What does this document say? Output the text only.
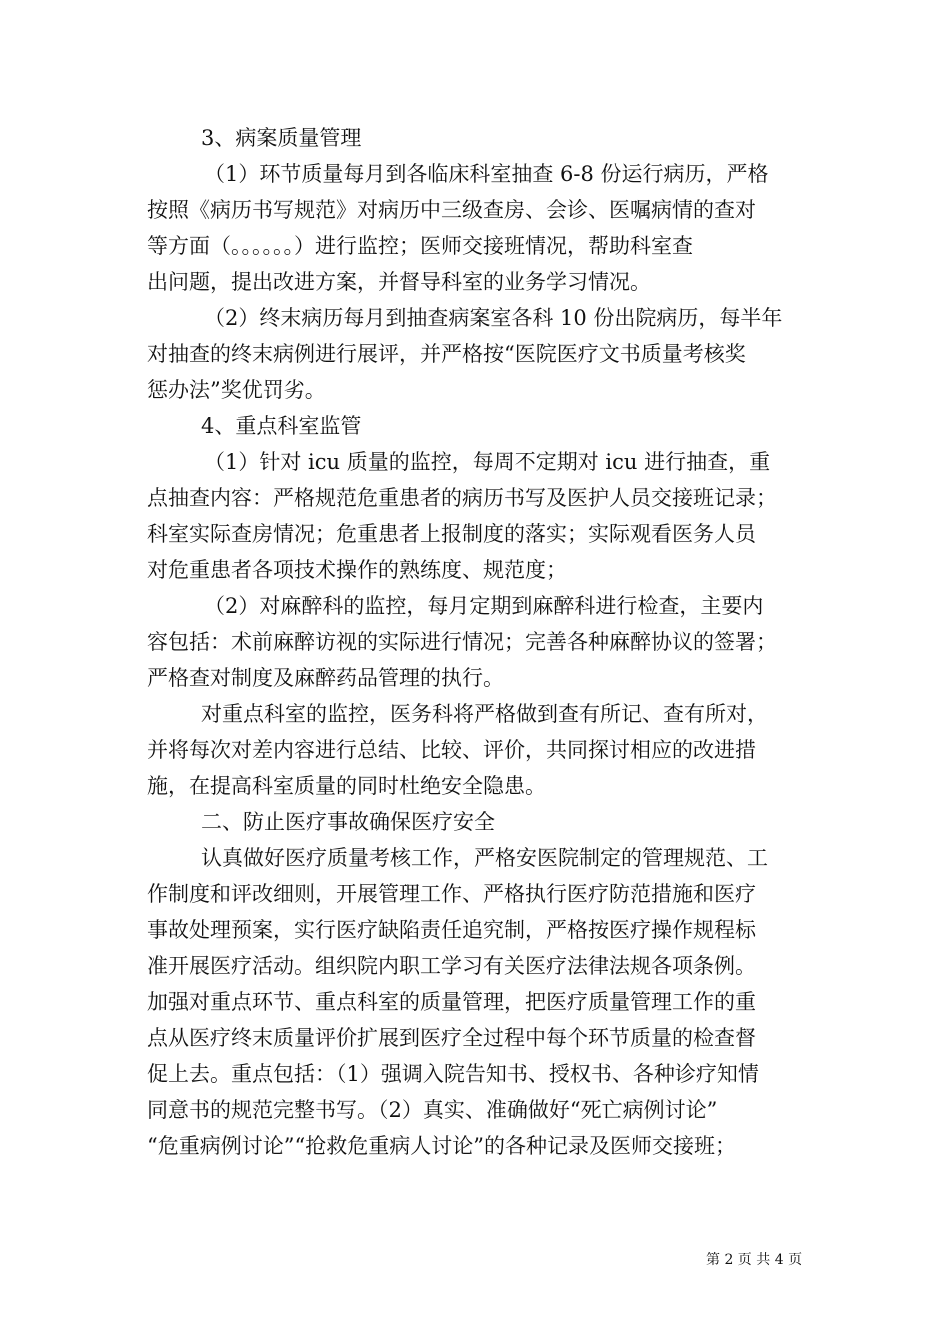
3、病案质量管理
（1）环节质量每月到各临床科室抽查 6-8 份运行病历，严格
按照《病历书写规范》对病历中三级查房、会诊、医嘱病情的查对
等方面（。。。。。。）进行监控；医师交接班情况，帮助科室查
出问题，提出改进方案，并督导科室的业务学习情况。
（2）终末病历每月到抽查病案室各科 10 份出院病历，每半年
对抽查的终末病例进行展评，并严格按“医院医疗文书质量考核奖
惩办法”奖优罚劣。
4、重点科室监管
（1）针对 icu 质量的监控，每周不定期对 icu 进行抽查，重
点抽查内容：严格规范危重患者的病历书写及医护人员交接班记录；
科室实际查房情况；危重患者上报制度的落实；实际观看医务人员
对危重患者各项技术操作的熟练度、规范度；
（2）对麻醉科的监控，每月定期到麻醉科进行检查，主要内
容包括：术前麻醉访视的实际进行情况；完善各种麻醉协议的签署；
严格查对制度及麻醉药品管理的执行。
对重点科室的监控，医务科将严格做到查有所记、查有所对，
并将每次对差内容进行总结、比较、评价，共同探讨相应的改进措
施，在提高科室质量的同时杜绝安全隐患。
二、防止医疗事故确保医疗安全
认真做好医疗质量考核工作，严格安医院制定的管理规范、工
作制度和评改细则，开展管理工作、严格执行医疗防范措施和医疗
事故处理预案，实行医疗缺陷责任追究制，严格按医疗操作规程标
准开展医疗活动。组织院内职工学习有关医疗法律法规各项条例。
加强对重点环节、重点科室的质量管理，把医疗质量管理工作的重
点从医疗终末质量评价扩展到医疗全过程中每个环节质量的检查督
促上去。重点包括：（1）强调入院告知书、授权书、各种诊疗知情
同意书的规范完整书写。（2）真实、准确做好“死亡病例讨论”
“危重病例讨论”“抢救危重病人讨论”的各种记录及医师交接班；
第 2 页 共 4 页
